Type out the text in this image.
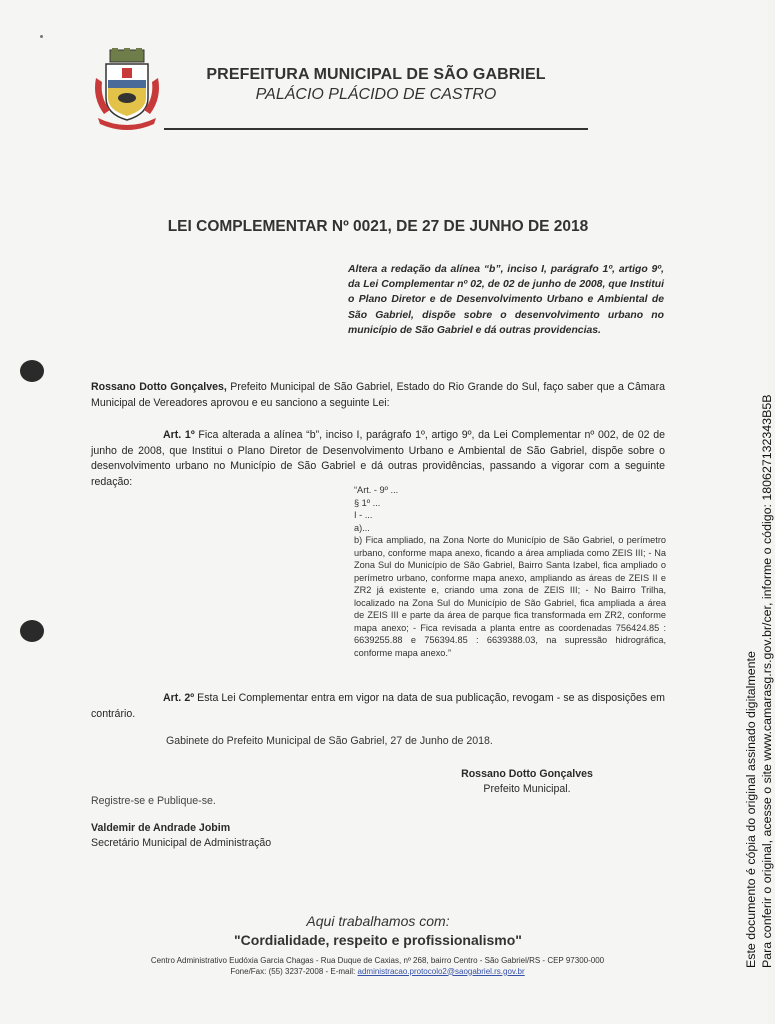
PREFEITURA MUNICIPAL DE SÃO GABRIEL
PALÁCIO PLÁCIDO DE CASTRO
LEI COMPLEMENTAR Nº 0021, DE 27 DE JUNHO DE 2018
Altera a redação da alínea “b”, inciso I, parágrafo 1º, artigo 9º, da Lei Complementar nº 02, de 02 de junho de 2008, que Institui o Plano Diretor e de Desenvolvimento Urbano e Ambiental de São Gabriel, dispõe sobre o desenvolvimento urbano no município de São Gabriel e dá outras providencias.
Rossano Dotto Gonçalves, Prefeito Municipal de São Gabriel, Estado do Rio Grande do Sul, faço saber que a Câmara Municipal de Vereadores aprovou e eu sanciono a seguinte Lei:
Art. 1º Fica alterada a alínea “b”, inciso I, parágrafo 1º, artigo 9º, da Lei Complementar nº 002, de 02 de junho de 2008, que Institui o Plano Diretor de Desenvolvimento Urbano e Ambiental de São Gabriel, dispõe sobre o desenvolvimento urbano no Município de São Gabriel e dá outras providências, passando a vigorar com a seguinte redação:
“Art. - 9º ...
§ 1º ...
I - ...
a)...
b) Fica ampliado, na Zona Norte do Município de São Gabriel, o perímetro urbano, conforme mapa anexo, ficando a área ampliada como ZEIS III; - Na Zona Sul do Município de São Gabriel, Bairro Santa Izabel, fica ampliado o perímetro urbano, conforme mapa anexo, ampliando as áreas de ZEIS II e ZR2 já existente e, criando uma zona de ZEIS III; - No Bairro Trilha, localizado na Zona Sul do Município de São Gabriel, fica ampliada a área de ZEIS III e parte da área de parque fica transformada em ZR2, conforme mapa anexo; - Fica revisada a planta entre as coordenadas 756424.85 : 6639255.88 e 756394.85 : 6639388.03, na supressão hidrográfica, conforme mapa anexo.”
Art. 2º Esta Lei Complementar entra em vigor na data de sua publicação, revogam - se as disposições em contrário.
Gabinete do Prefeito Municipal de São Gabriel, 27 de Junho de 2018.
Rossano Dotto Gonçalves
Prefeito Municipal.
Registre-se e Publique-se.
Valdemir de Andrade Jobim
Secretário Municipal de Administração
Aqui trabalhamos com:
"Cordialidade, respeito e profissionalismo"
Centro Administrativo Eudóxia Garcia Chagas - Rua Duque de Caxias, nº 268, bairro Centro - São Gabriel/RS - CEP 97300-000
Fone/Fax: (55) 3237-2008 - E-mail: administracao.protocolo2@saogabriel.rs.gov.br
Este documento é cópia do original assinado digitalmente Para conferir o original, acesse o site www.camarasg.rs.gov.br/cer, informe o código: 180627132343B5B
